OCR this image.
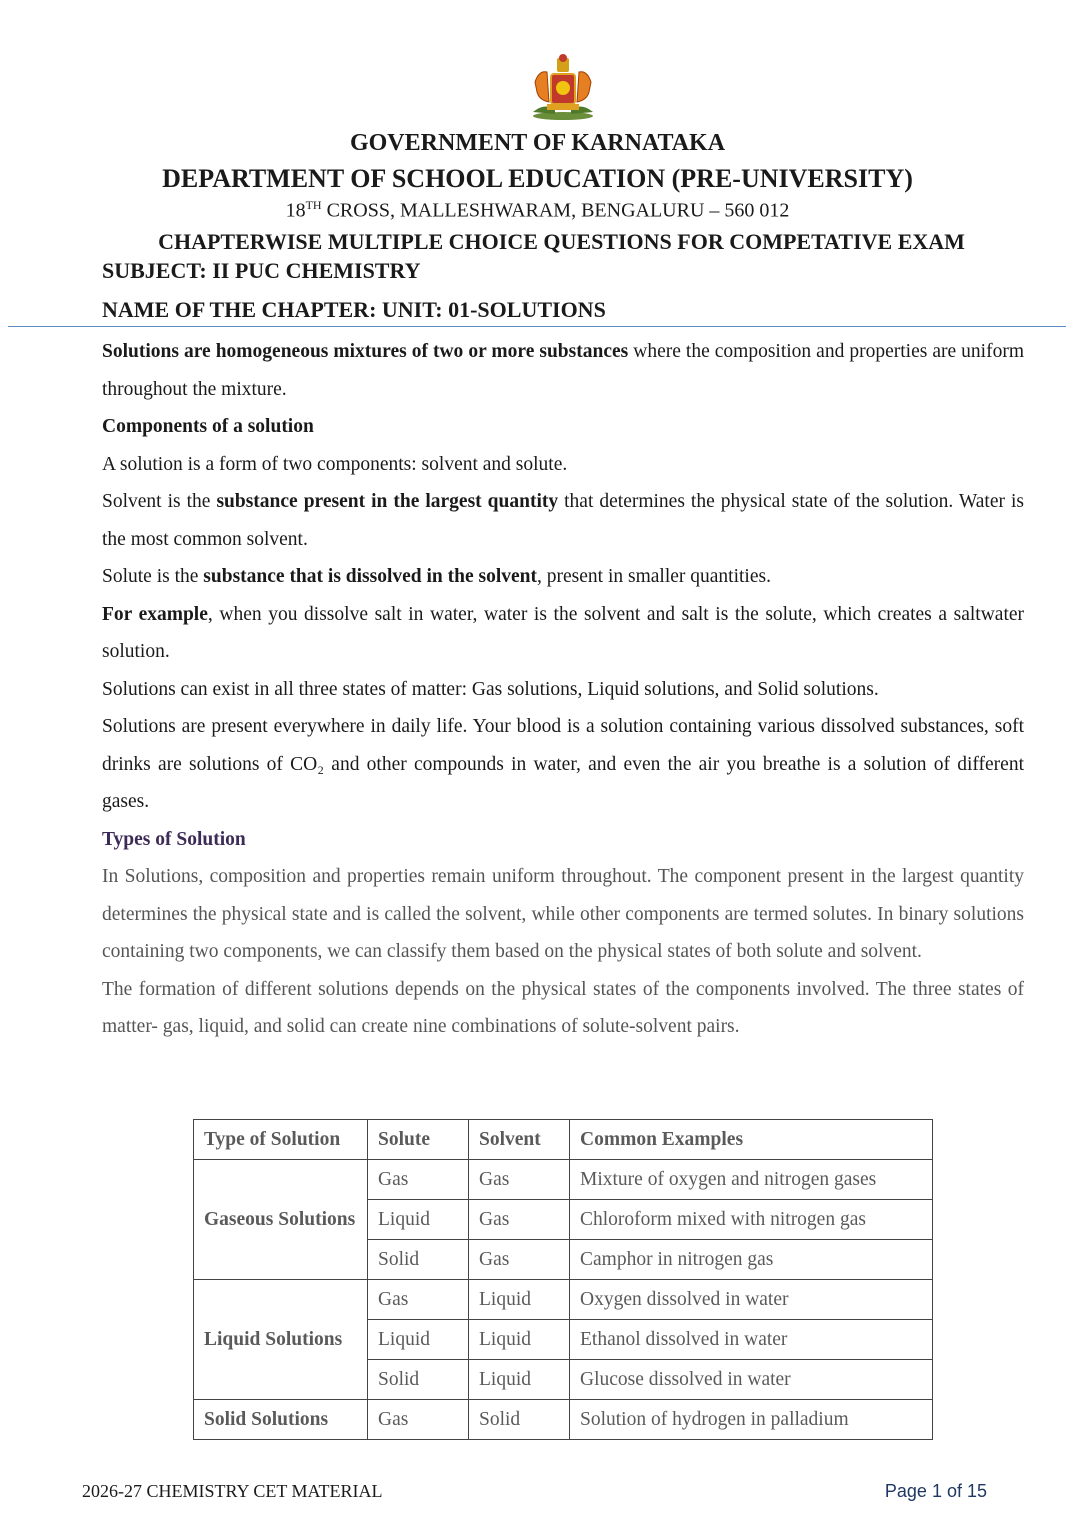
GOVERNMENT OF KARNATAKA

DEPARTMENT OF SCHOOL EDUCATION (PRE-UNIVERSITY)

18TH CROSS, MALLESHWARAM, BENGALURU – 560 012

CHAPTERWISE MULTIPLE CHOICE QUESTIONS FOR COMPETATIVE EXAM

SUBJECT: II PUC CHEMISTRY

NAME OF THE CHAPTER: UNIT: 01-SOLUTIONS

Solutions are homogeneous mixtures of two or more substances where the composition and properties are uniform throughout the mixture.

Components of a solution

A solution is a form of two components: solvent and solute.

Solvent is the substance present in the largest quantity that determines the physical state of the solution. Water is the most common solvent.

Solute is the substance that is dissolved in the solvent, present in smaller quantities.

For example, when you dissolve salt in water, water is the solvent and salt is the solute, which creates a saltwater solution.

Solutions can exist in all three states of matter: Gas solutions, Liquid solutions, and Solid solutions.

Solutions are present everywhere in daily life. Your blood is a solution containing various dissolved substances, soft drinks are solutions of CO₂ and other compounds in water, and even the air you breathe is a solution of different gases.

Types of Solution

In Solutions, composition and properties remain uniform throughout. The component present in the largest quantity determines the physical state and is called the solvent, while other components are termed solutes. In binary solutions containing two components, we can classify them based on the physical states of both solute and solvent.

The formation of different solutions depends on the physical states of the components involved. The three states of matter- gas, liquid, and solid can create nine combinations of solute-solvent pairs.

Type of Solution	Solute	Solvent	Common Examples
Gaseous Solutions	Gas	Gas	Mixture of oxygen and nitrogen gases
	Liquid	Gas	Chloroform mixed with nitrogen gas
	Solid	Gas	Camphor in nitrogen gas
Liquid Solutions	Gas	Liquid	Oxygen dissolved in water
	Liquid	Liquid	Ethanol dissolved in water
	Solid	Liquid	Glucose dissolved in water
Solid Solutions	Gas	Solid	Solution of hydrogen in palladium
2026-27 CHEMISTRY CET MATERIAL	Page 1 of 15
